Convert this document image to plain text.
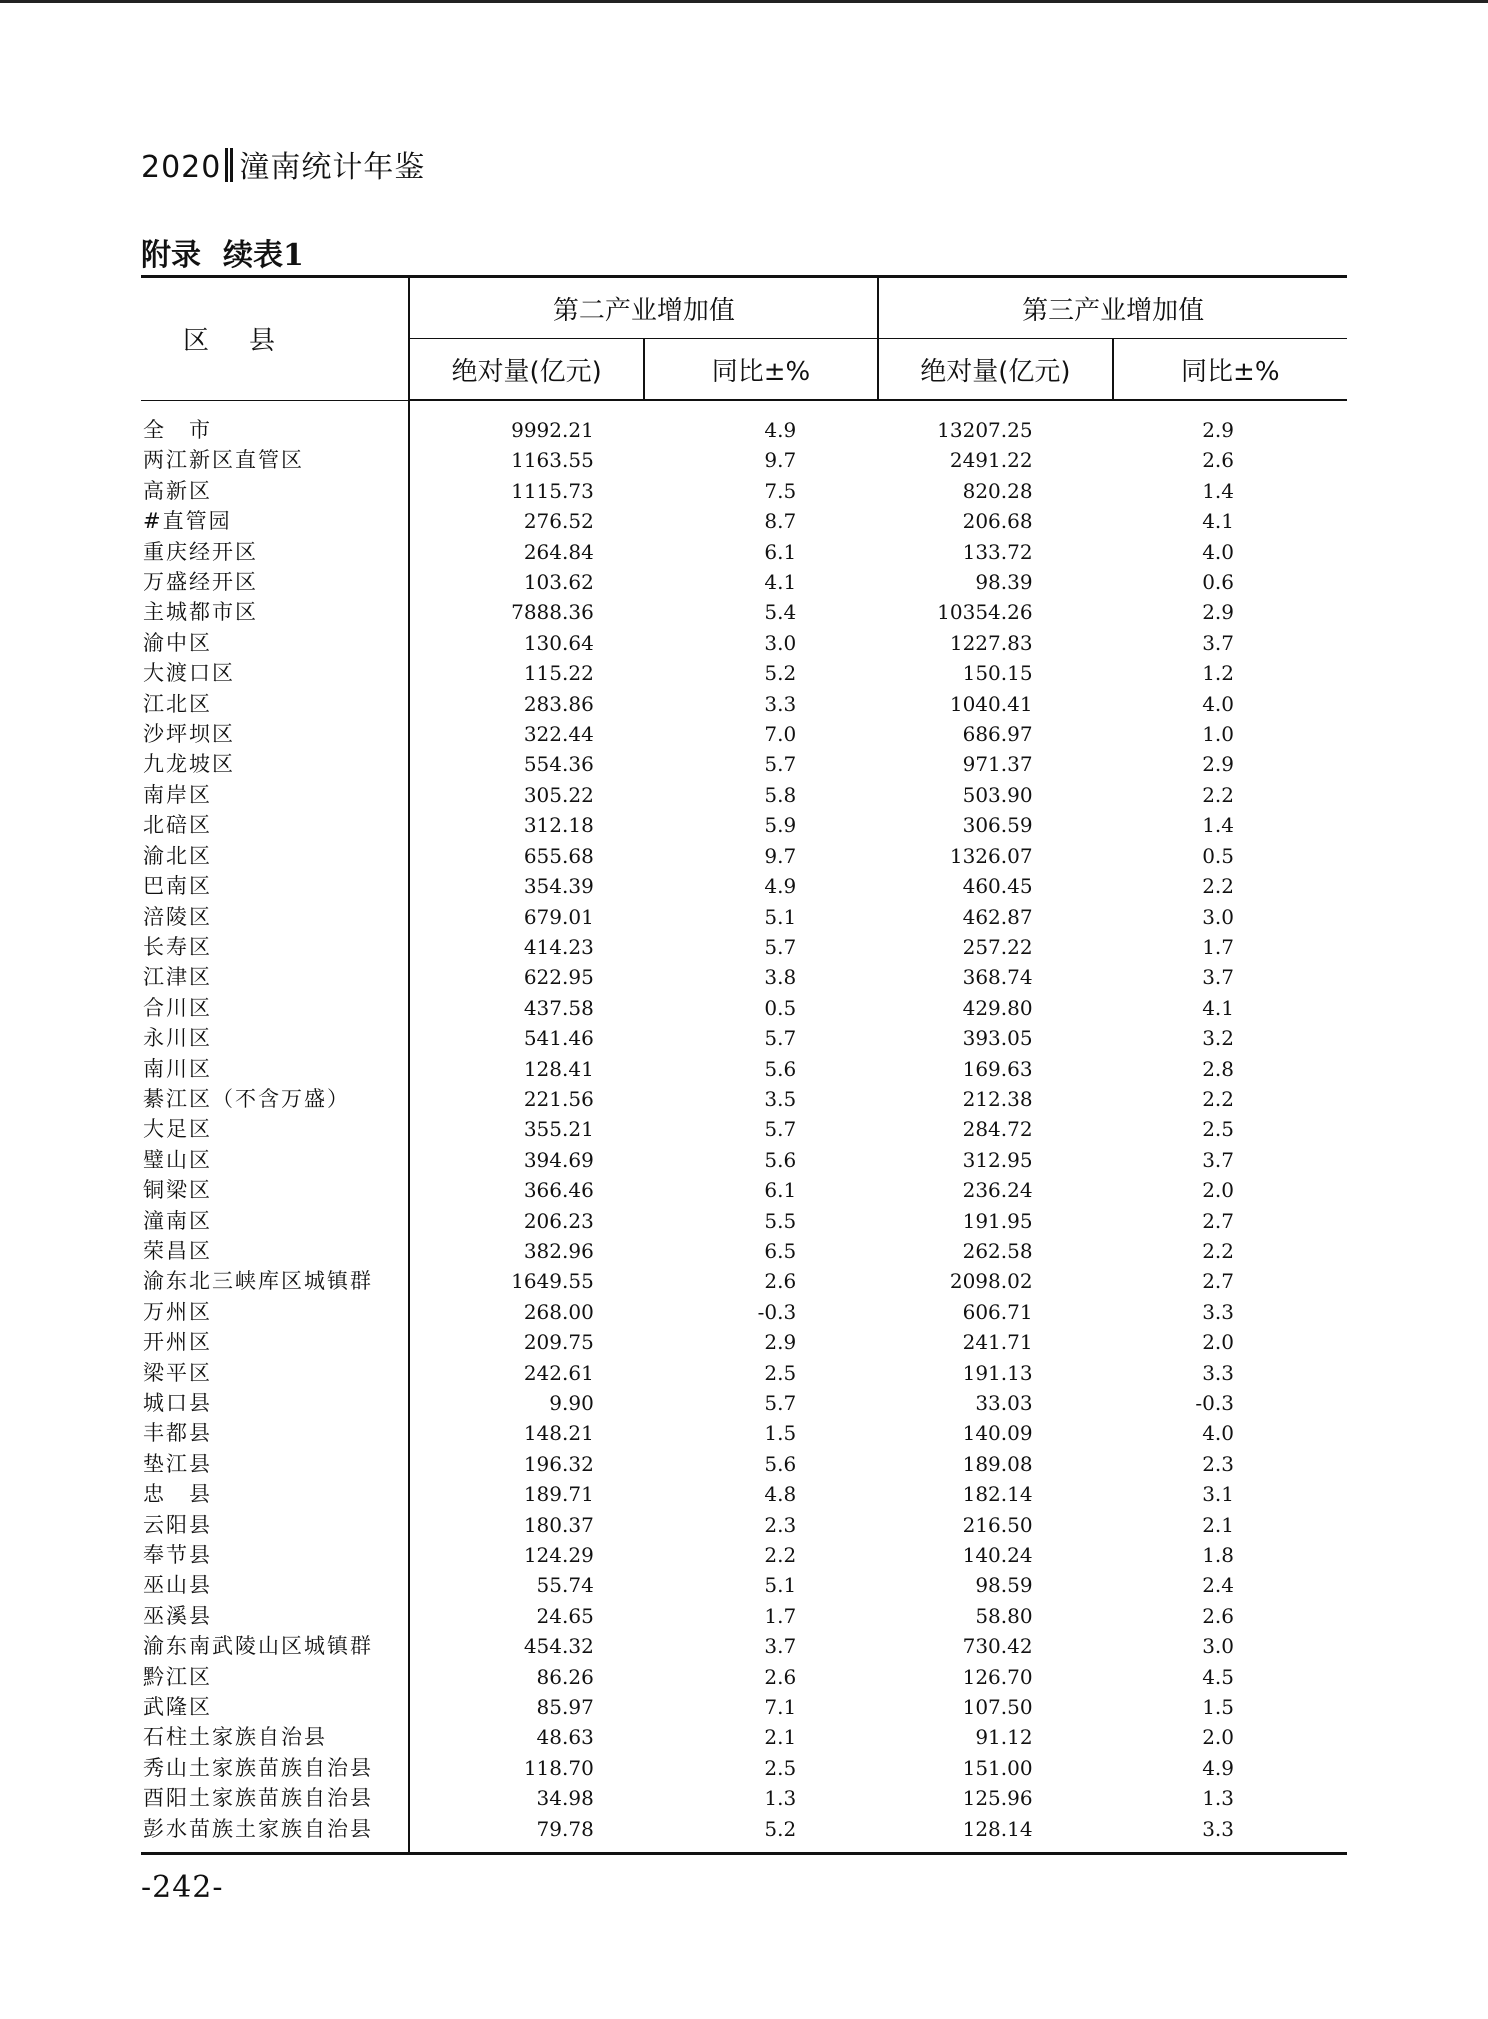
2020 潼南统计年鉴
附录 续表1
区县	第二产业增加值		第三产业增加值	
	绝对量(亿元)	同比±%	绝对量(亿元)	同比±%
全　市	9992.21	4.9	13207.25	2.9
两江新区直管区	1163.55	9.7	2491.22	2.6
高新区	1115.73	7.5	820.28	1.4
#直管园	276.52	8.7	206.68	4.1
重庆经开区	264.84	6.1	133.72	4.0
万盛经开区	103.62	4.1	98.39	0.6
主城都市区	7888.36	5.4	10354.26	2.9
渝中区	130.64	3.0	1227.83	3.7
大渡口区	115.22	5.2	150.15	1.2
江北区	283.86	3.3	1040.41	4.0
沙坪坝区	322.44	7.0	686.97	1.0
九龙坡区	554.36	5.7	971.37	2.9
南岸区	305.22	5.8	503.90	2.2
北碚区	312.18	5.9	306.59	1.4
渝北区	655.68	9.7	1326.07	0.5
巴南区	354.39	4.9	460.45	2.2
涪陵区	679.01	5.1	462.87	3.0
长寿区	414.23	5.7	257.22	1.7
江津区	622.95	3.8	368.74	3.7
合川区	437.58	0.5	429.80	4.1
永川区	541.46	5.7	393.05	3.2
南川区	128.41	5.6	169.63	2.8
綦江区（不含万盛）	221.56	3.5	212.38	2.2
大足区	355.21	5.7	284.72	2.5
璧山区	394.69	5.6	312.95	3.7
铜梁区	366.46	6.1	236.24	2.0
潼南区	206.23	5.5	191.95	2.7
荣昌区	382.96	6.5	262.58	2.2
渝东北三峡库区城镇群	1649.55	2.6	2098.02	2.7
万州区	268.00	-0.3	606.71	3.3
开州区	209.75	2.9	241.71	2.0
梁平区	242.61	2.5	191.13	3.3
城口县	9.90	5.7	33.03	-0.3
丰都县	148.21	1.5	140.09	4.0
垫江县	196.32	5.6	189.08	2.3
忠　县	189.71	4.8	182.14	3.1
云阳县	180.37	2.3	216.50	2.1
奉节县	124.29	2.2	140.24	1.8
巫山县	55.74	5.1	98.59	2.4
巫溪县	24.65	1.7	58.80	2.6
渝东南武陵山区城镇群	454.32	3.7	730.42	3.0
黔江区	86.26	2.6	126.70	4.5
武隆区	85.97	7.1	107.50	1.5
石柱土家族自治县	48.63	2.1	91.12	2.0
秀山土家族苗族自治县	118.70	2.5	151.00	4.9
酉阳土家族苗族自治县	34.98	1.3	125.96	1.3
彭水苗族土家族自治县	79.78	5.2	128.14	3.3
-242-
